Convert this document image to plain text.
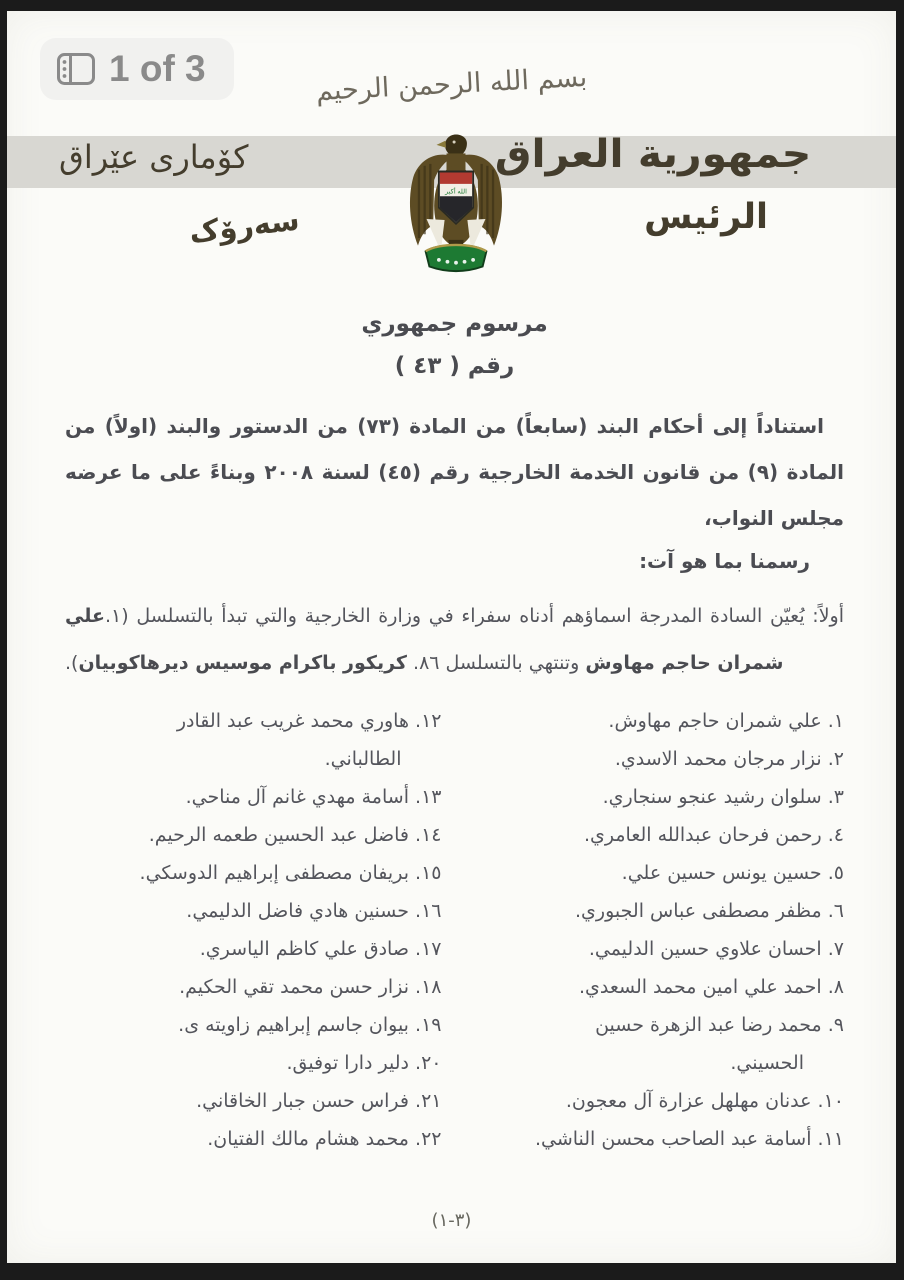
1 of 3	بسم الله الرحمن الرحيم
جمهورية العراق
كۆماری عێراق
الرئيس
سەرۆک
الله أكبر
مرسوم جمهوري
رقم ( ٤٣ )

استناداً إلى أحكام البند (سابعاً) من المادة (٧٣) من الدستور والبند (اولاً) من المادة (٩) من قانون الخدمة الخارجية رقم (٤٥) لسنة ٢٠٠٨ وبناءً على ما عرضه مجلس النواب،

رسمنا بما هو آت:

أولاً: يُعيّن السادة المدرجة اسماؤهم أدناه سفراء في وزارة الخارجية والتي تبدأ بالتسلسل (١.علي شمران حاجم مهاوش وتنتهي بالتسلسل ٨٦. كريكور باكرام موسيس ديرهاكوبيان).

١. علي شمران حاجم مهاوش.
٢. نزار مرجان محمد الاسدي.
٣. سلوان رشيد عنجو سنجاري.
٤. رحمن فرحان عبدالله العامري.
٥. حسين يونس حسين علي.
٦. مظفر مصطفى عباس الجبوري.
٧. احسان علاوي حسين الدليمي.
٨. احمد علي امين محمد السعدي.
٩. محمد رضا عبد الزهرة حسين الحسيني.
١٠. عدنان مهلهل عزارة آل معجون.
١١. أسامة عبد الصاحب محسن الناشي.
١٢. هاوري محمد غريب عبد القادر الطالباني.
١٣. أسامة مهدي غانم آل مناحي.
١٤. فاضل عبد الحسين طعمه الرحيم.
١٥. بريفان مصطفى إبراهيم الدوسكي.
١٦. حسنين هادي فاضل الدليمي.
١٧. صادق علي كاظم الياسري.
١٨. نزار حسن محمد تقي الحكيم.
١٩. بيوان جاسم إبراهيم زاويته ى.
٢٠. دلير دارا توفيق.
٢١. فراس حسن جبار الخاقاني.
٢٢. محمد هشام مالك الفتيان.
(٣-١)
